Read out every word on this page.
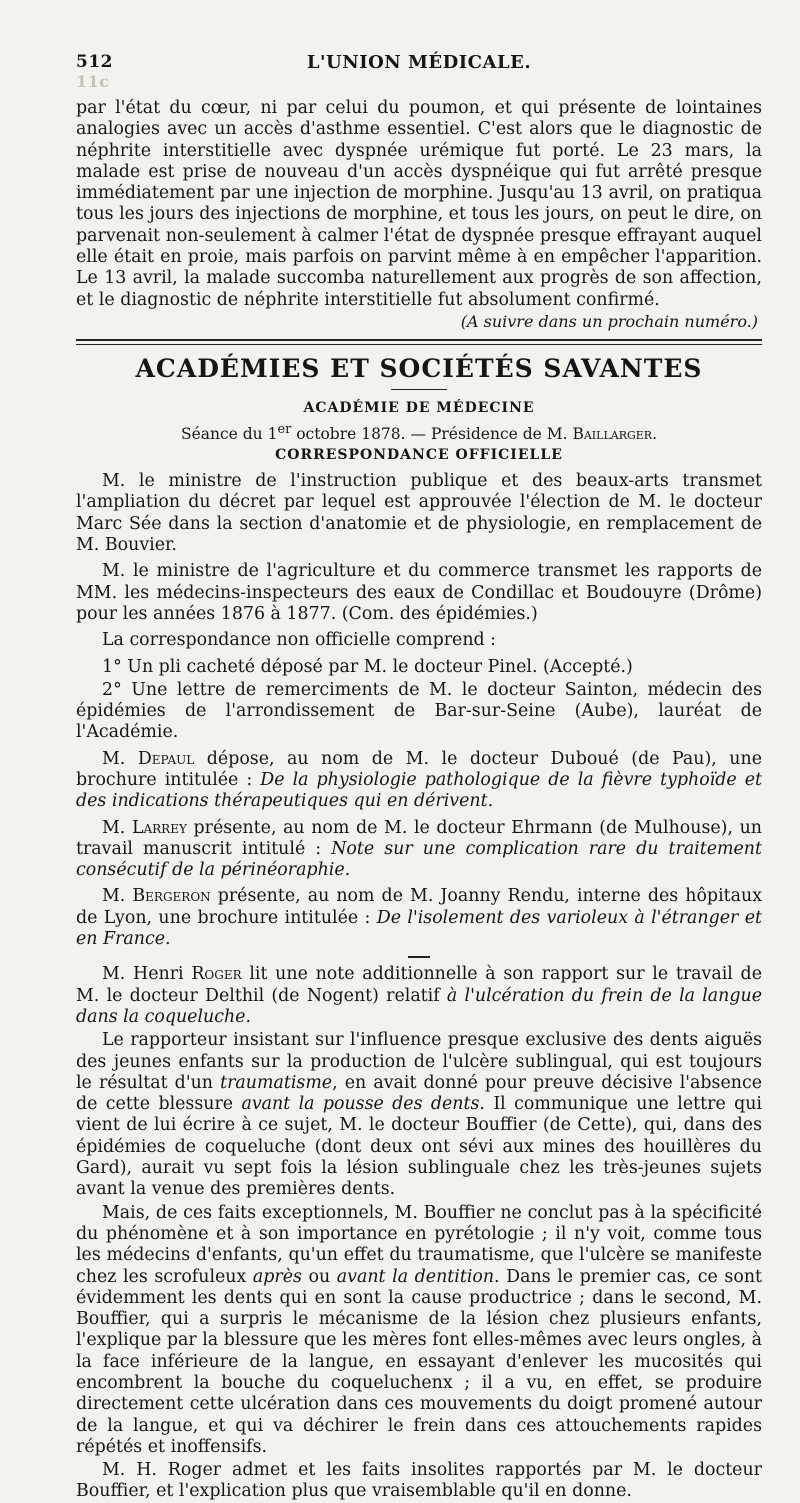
512	L'UNION MÉDICALE.
11c

par l'état du cœur, ni par celui du poumon, et qui présente de lointaines analogies avec un accès d'asthme essentiel. C'est alors que le diagnostic de néphrite interstitielle avec dyspnée urémique fut porté. Le 23 mars, la malade est prise de nouveau d'un accès dyspnéique qui fut arrêté presque immédiatement par une injection de morphine. Jusqu'au 13 avril, on pratiqua tous les jours des injections de morphine, et tous les jours, on peut le dire, on parvenait non-seulement à calmer l'état de dyspnée presque effrayant auquel elle était en proie, mais parfois on parvint même à en empêcher l'apparition. Le 13 avril, la malade succomba naturellement aux progrès de son affection, et le diagnostic de néphrite interstitielle fut absolument confirmé.

(A suivre dans un prochain numéro.)
ACADÉMIES ET SOCIÉTÉS SAVANTES
ACADÉMIE DE MÉDECINE
Séance du 1er octobre 1878. — Présidence de M. Baillarger.
CORRESPONDANCE OFFICIELLE

M. le ministre de l'instruction publique et des beaux-arts transmet l'ampliation du décret par lequel est approuvée l'élection de M. le docteur Marc Sée dans la section d'anatomie et de physiologie, en remplacement de M. Bouvier.

M. le ministre de l'agriculture et du commerce transmet les rapports de MM. les médecins-inspecteurs des eaux de Condillac et Boudouyre (Drôme) pour les années 1876 à 1877. (Com. des épidémies.)

La correspondance non officielle comprend :

1° Un pli cacheté déposé par M. le docteur Pinel. (Accepté.)

2° Une lettre de remerciments de M. le docteur Sainton, médecin des épidémies de l'arrondissement de Bar-sur-Seine (Aube), lauréat de l'Académie.

M. Depaul dépose, au nom de M. le docteur Duboué (de Pau), une brochure intitulée : De la physiologie pathologique de la fièvre typhoïde et des indications thérapeutiques qui en dérivent.

M. Larrey présente, au nom de M. le docteur Ehrmann (de Mulhouse), un travail manuscrit intitulé : Note sur une complication rare du traitement consécutif de la périnéoraphie.

M. Bergeron présente, au nom de M. Joanny Rendu, interne des hôpitaux de Lyon, une brochure intitulée : De l'isolement des varioleux à l'étranger et en France.

M. Henri Roger lit une note additionnelle à son rapport sur le travail de M. le docteur Delthil (de Nogent) relatif à l'ulcération du frein de la langue dans la coqueluche.

Le rapporteur insistant sur l'influence presque exclusive des dents aiguës des jeunes enfants sur la production de l'ulcère sublingual, qui est toujours le résultat d'un traumatisme, en avait donné pour preuve décisive l'absence de cette blessure avant la pousse des dents. Il communique une lettre qui vient de lui écrire à ce sujet, M. le docteur Bouffier (de Cette), qui, dans des épidémies de coqueluche (dont deux ont sévi aux mines des houillères du Gard), aurait vu sept fois la lésion sublinguale chez les très-jeunes sujets avant la venue des premières dents.

Mais, de ces faits exceptionnels, M. Bouffier ne conclut pas à la spécificité du phénomène et à son importance en pyrétologie ; il n'y voit, comme tous les médecins d'enfants, qu'un effet du traumatisme, que l'ulcère se manifeste chez les scrofuleux après ou avant la dentition. Dans le premier cas, ce sont évidemment les dents qui en sont la cause productrice ; dans le second, M. Bouffier, qui a surpris le mécanisme de la lésion chez plusieurs enfants, l'explique par la blessure que les mères font elles-mêmes avec leurs ongles, à la face inférieure de la langue, en essayant d'enlever les mucosités qui encombrent la bouche du coqueluchenx ; il a vu, en effet, se produire directement cette ulcération dans ces mouvements du doigt promené autour de la langue, et qui va déchirer le frein dans ces attouchements rapides répétés et inoffensifs.

M. H. Roger admet et les faits insolites rapportés par M. le docteur Bouffier, et l'explication plus que vraisemblable qu'il en donne.
